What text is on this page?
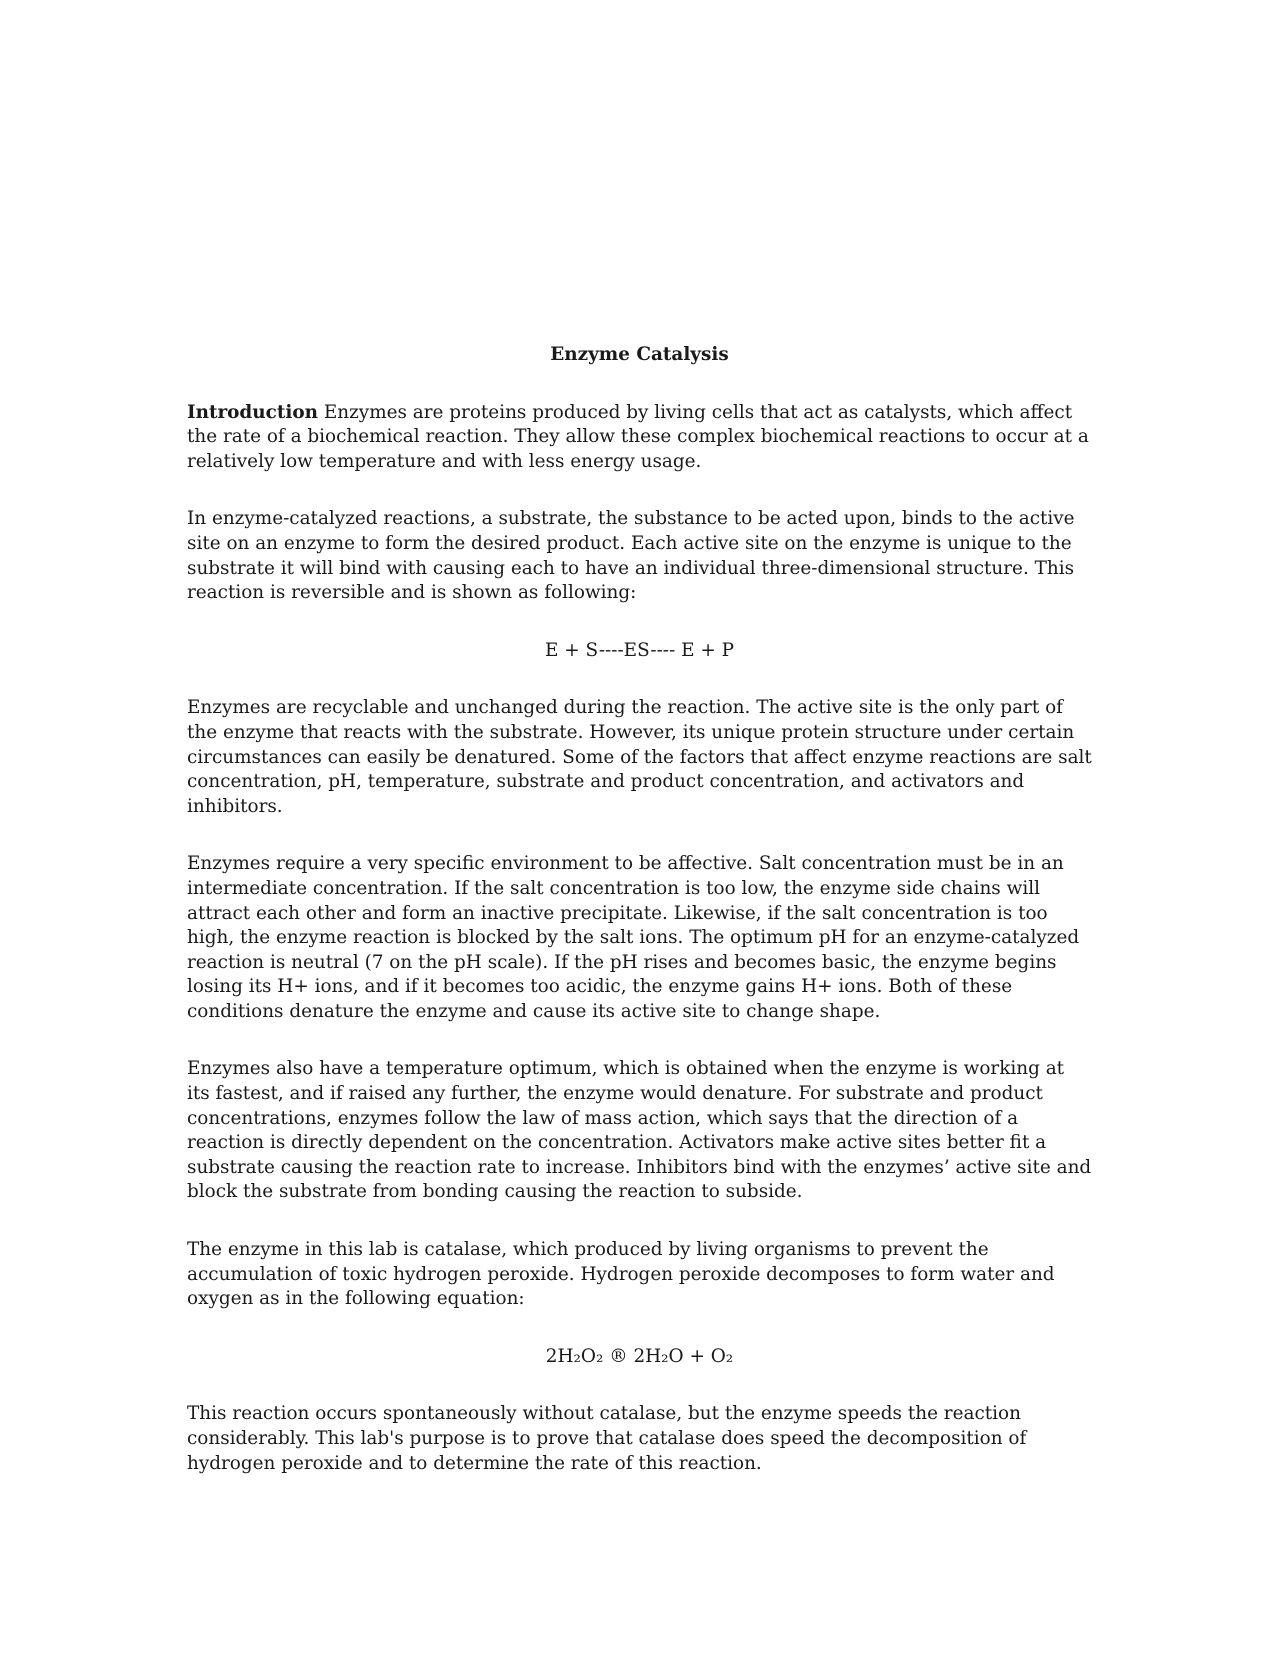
Enzyme Catalysis

Introduction Enzymes are proteins produced by living cells that act as catalysts, which affect the rate of a biochemical reaction. They allow these complex biochemical reactions to occur at a relatively low temperature and with less energy usage.

In enzyme-catalyzed reactions, a substrate, the substance to be acted upon, binds to the active site on an enzyme to form the desired product. Each active site on the enzyme is unique to the substrate it will bind with causing each to have an individual three-dimensional structure. This reaction is reversible and is shown as following:

E + S----ES---- E + P

Enzymes are recyclable and unchanged during the reaction. The active site is the only part of the enzyme that reacts with the substrate. However, its unique protein structure under certain circumstances can easily be denatured. Some of the factors that affect enzyme reactions are salt concentration, pH, temperature, substrate and product concentration, and activators and inhibitors.

Enzymes require a very specific environment to be affective. Salt concentration must be in an intermediate concentration. If the salt concentration is too low, the enzyme side chains will attract each other and form an inactive precipitate. Likewise, if the salt concentration is too high, the enzyme reaction is blocked by the salt ions. The optimum pH for an enzyme-catalyzed reaction is neutral (7 on the pH scale). If the pH rises and becomes basic, the enzyme begins losing its H+ ions, and if it becomes too acidic, the enzyme gains H+ ions. Both of these conditions denature the enzyme and cause its active site to change shape.

Enzymes also have a temperature optimum, which is obtained when the enzyme is working at its fastest, and if raised any further, the enzyme would denature. For substrate and product concentrations, enzymes follow the law of mass action, which says that the direction of a reaction is directly dependent on the concentration. Activators make active sites better fit a substrate causing the reaction rate to increase. Inhibitors bind with the enzymes’ active site and block the substrate from bonding causing the reaction to subside.

The enzyme in this lab is catalase, which produced by living organisms to prevent the accumulation of toxic hydrogen peroxide. Hydrogen peroxide decomposes to form water and oxygen as in the following equation:

2H₂O₂ ® 2H₂O + O₂

This reaction occurs spontaneously without catalase, but the enzyme speeds the reaction considerably. This lab's purpose is to prove that catalase does speed the decomposition of hydrogen peroxide and to determine the rate of this reaction.
